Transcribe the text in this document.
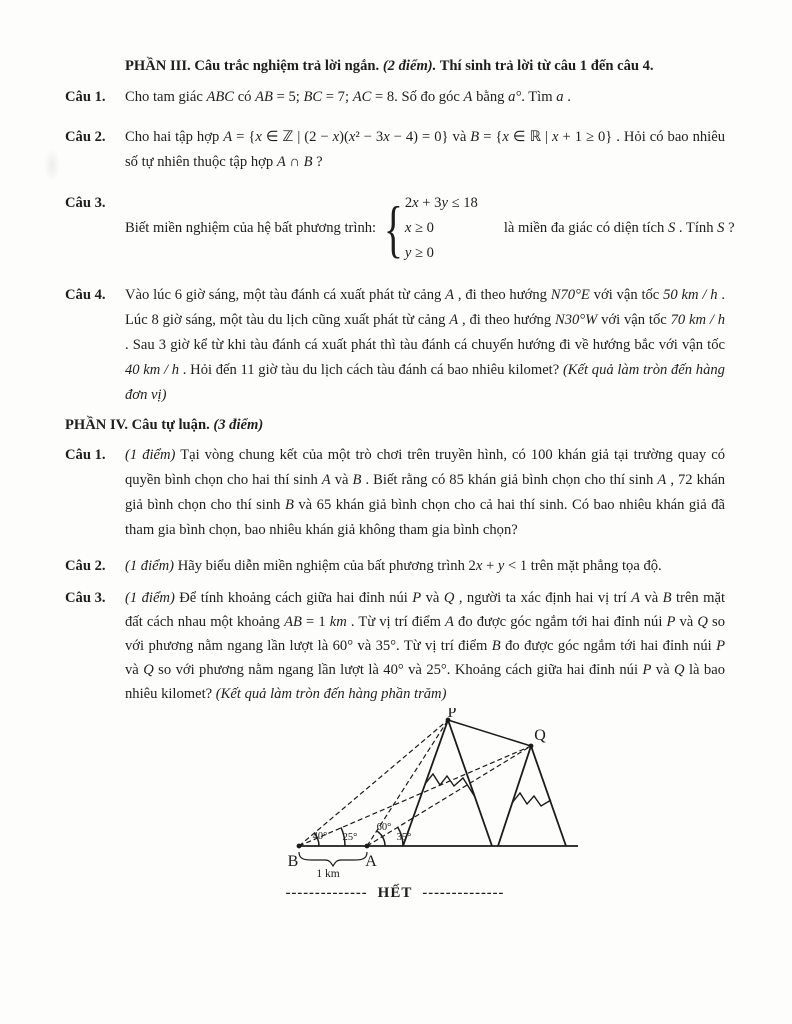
PHẦN III. Câu trắc nghiệm trả lời ngắn. (2 điểm). Thí sinh trả lời từ câu 1 đến câu 4.
Câu 1.	Cho tam giác ABC có AB = 5; BC = 7; AC = 8. Số đo góc A bằng a°. Tìm a .
Câu 2.	Cho hai tập hợp A = {x ∈ ℤ | (2 − x)(x² − 3x − 4) = 0} và B = {x ∈ ℝ | x + 1 ≥ 0} . Hỏi có bao nhiêu số tự nhiên thuộc tập hợp A ∩ B ?
Câu 3.
Biết miền nghiệm của hệ bất phương trình: { 2x + 3y ≤ 18
x ≥ 0
y ≥ 0
là miền đa giác có diện tích S . Tính S ?
Câu 4.	Vào lúc 6 giờ sáng, một tàu đánh cá xuất phát từ cảng A , đi theo hướng N70°E với vận tốc 50 km / h . Lúc 8 giờ sáng, một tàu du lịch cũng xuất phát từ cảng A , đi theo hướng N30°W với vận tốc 70 km / h . Sau 3 giờ kể từ khi tàu đánh cá xuất phát thì tàu đánh cá chuyển hướng đi về hướng bắc với vận tốc 40 km / h . Hỏi đến 11 giờ tàu du lịch cách tàu đánh cá bao nhiêu kilomet? (Kết quả làm tròn đến hàng đơn vị)
PHẦN IV. Câu tự luận. (3 điểm)
Câu 1.	(1 điểm) Tại vòng chung kết của một trò chơi trên truyền hình, có 100 khán giả tại trường quay có quyền bình chọn cho hai thí sinh A và B . Biết rằng có 85 khán giả bình chọn cho thí sinh A , 72 khán giả bình chọn cho thí sinh B và 65 khán giả bình chọn cho cả hai thí sinh. Có bao nhiêu khán giả đã tham gia bình chọn, bao nhiêu khán giả không tham gia bình chọn?
Câu 2.	(1 điểm) Hãy biểu diễn miền nghiệm của bất phương trình 2x + y < 1 trên mặt phẳng tọa độ.
Câu 3.	(1 điểm) Để tính khoảng cách giữa hai đỉnh núi P và Q , người ta xác định hai vị trí A và B trên mặt đất cách nhau một khoảng AB = 1 km . Từ vị trí điểm A đo được góc ngắm tới hai đỉnh núi P và Q so với phương nằm ngang lần lượt là 60° và 35°. Từ vị trí điểm B đo được góc ngắm tới hai đỉnh núi P và Q so với phương nằm ngang lần lượt là 40° và 25°. Khoảng cách giữa hai đỉnh núi P và Q là bao nhiêu kilomet? (Kết quả làm tròn đến hàng phần trăm)
P
Q
B	A
40° 25°
60°
35°
1 km
-------------- HẾT --------------
